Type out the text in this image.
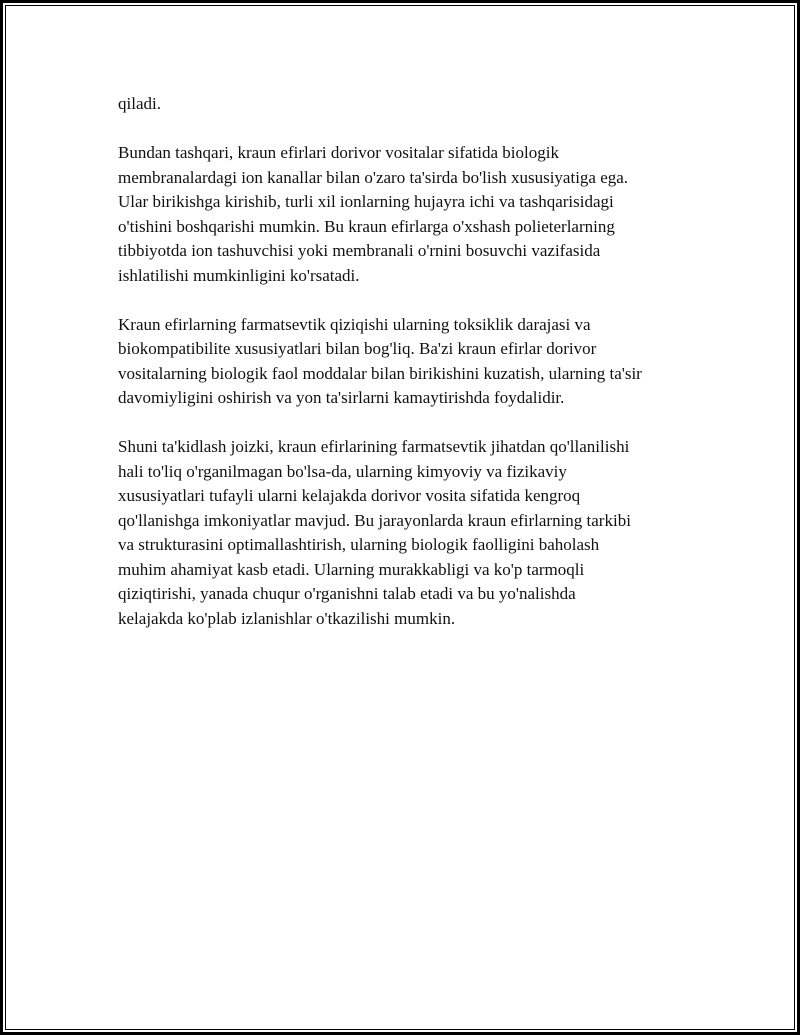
qiladi.

Bundan tashqari, kraun efirlari dorivor vositalar sifatida biologik
membranalardagi ion kanallar bilan o'zaro ta'sirda bo'lish xususiyatiga ega.
Ular birikishga kirishib, turli xil ionlarning hujayra ichi va tashqarisidagi
o'tishini boshqarishi mumkin. Bu kraun efirlarga o'xshash polieterlarning
tibbiyotda ion tashuvchisi yoki membranali o'rnini bosuvchi vazifasida
ishlatilishi mumkinligini ko'rsatadi.

Kraun efirlarning farmatsevtik qiziqishi ularning toksiklik darajasi va
biokompatibilite xususiyatlari bilan bog'liq. Ba'zi kraun efirlar dorivor
vositalarning biologik faol moddalar bilan birikishini kuzatish, ularning ta'sir
davomiyligini oshirish va yon ta'sirlarni kamaytirishda foydalidir.

Shuni ta'kidlash joizki, kraun efirlarining farmatsevtik jihatdan qo'llanilishi
hali to'liq o'rganilmagan bo'lsa-da, ularning kimyoviy va fizikaviy
xususiyatlari tufayli ularni kelajakda dorivor vosita sifatida kengroq
qo'llanishga imkoniyatlar mavjud. Bu jarayonlarda kraun efirlarning tarkibi
va strukturasini optimallashtirish, ularning biologik faolligini baholash
muhim ahamiyat kasb etadi. Ularning murakkabligi va ko'p tarmoqli
qiziqtirishi, yanada chuqur o'rganishni talab etadi va bu yo'nalishda
kelajakda ko'plab izlanishlar o'tkazilishi mumkin.
